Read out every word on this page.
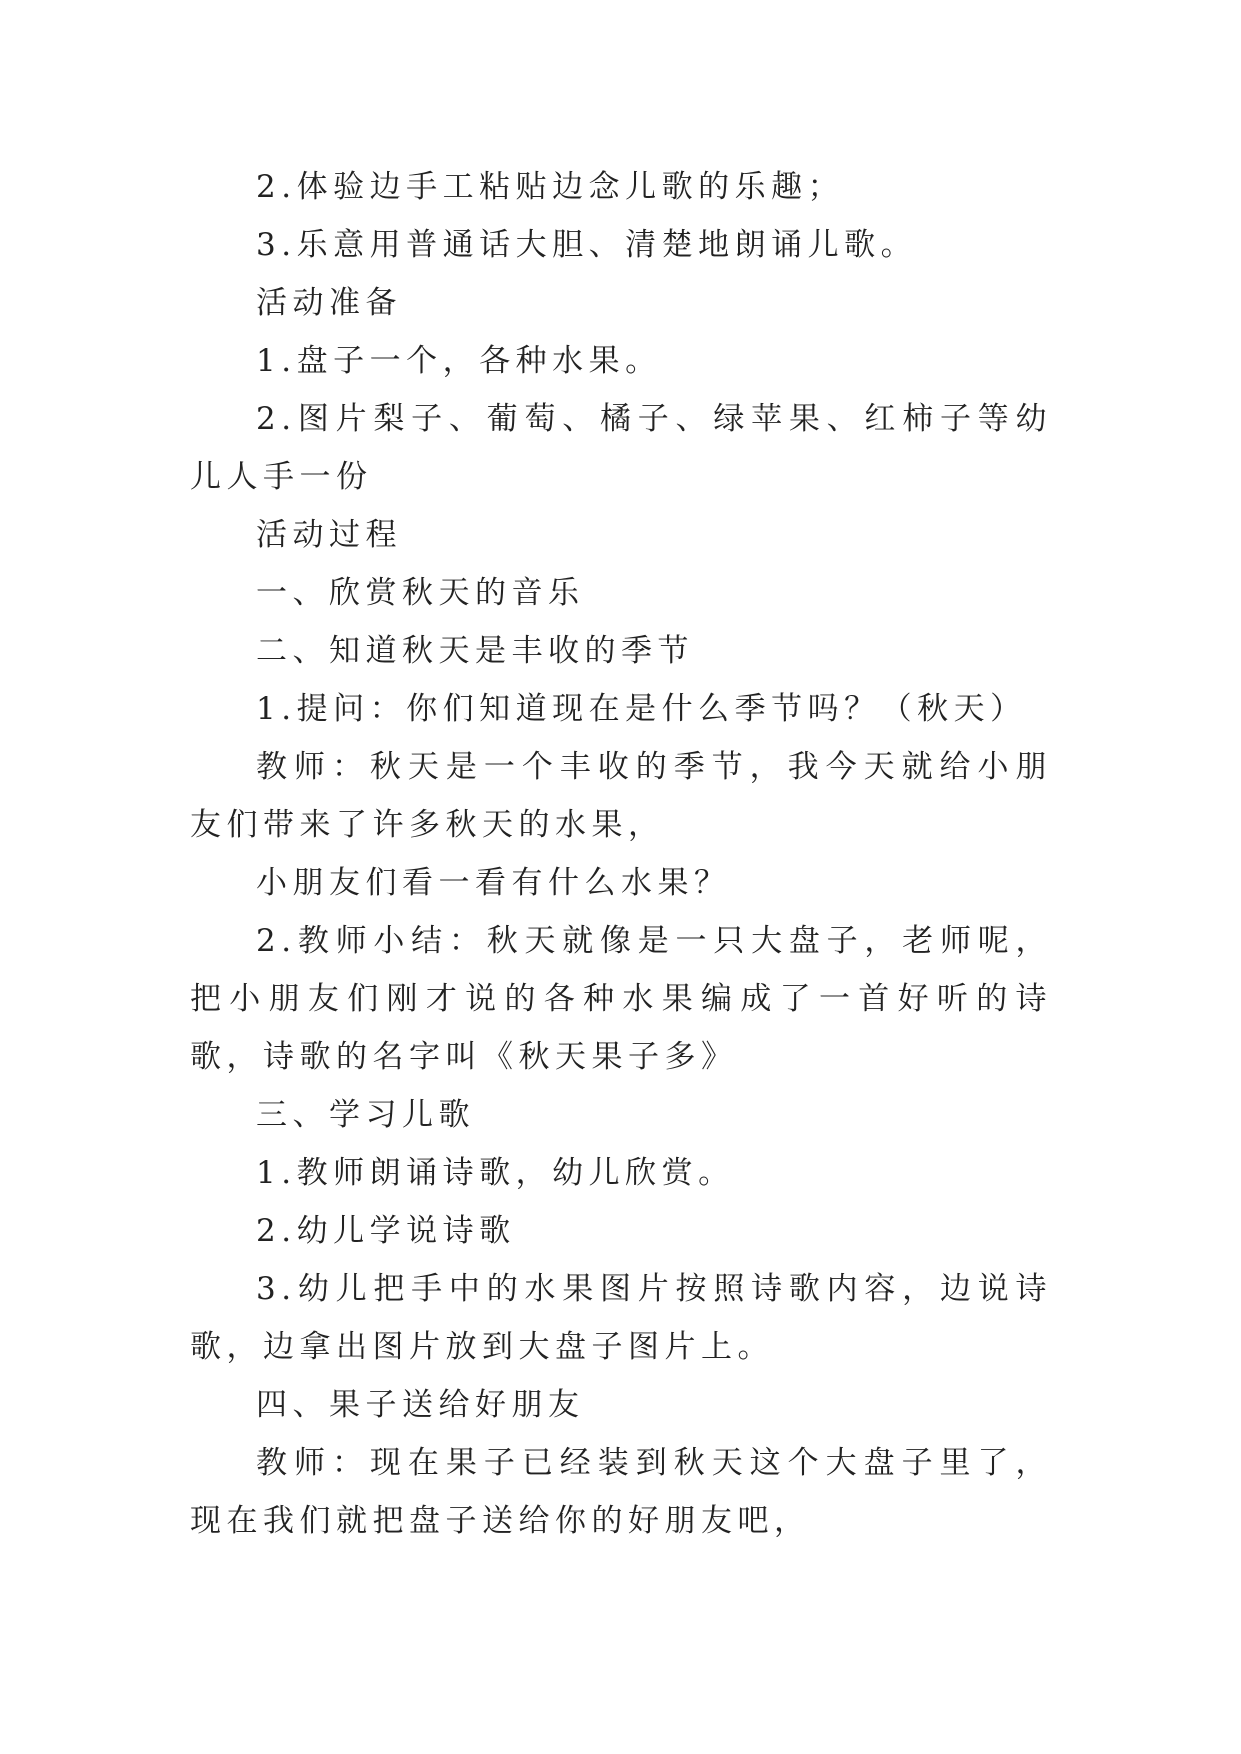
2.体验边手工粘贴边念儿歌的乐趣；

3.乐意用普通话大胆、清楚地朗诵儿歌。

活动准备

1.盘子一个，各种水果。

2.图片梨子、葡萄、橘子、绿苹果、红柿子等幼儿人手一份

活动过程

一、欣赏秋天的音乐

二、知道秋天是丰收的季节

1.提问：你们知道现在是什么季节吗？（秋天）

教师：秋天是一个丰收的季节，我今天就给小朋友们带来了许多秋天的水果，

小朋友们看一看有什么水果？

2.教师小结：秋天就像是一只大盘子，老师呢，把小朋友们刚才说的各种水果编成了一首好听的诗歌，诗歌的名字叫《秋天果子多》

三、学习儿歌

1.教师朗诵诗歌，幼儿欣赏。

2.幼儿学说诗歌

3.幼儿把手中的水果图片按照诗歌内容，边说诗歌，边拿出图片放到大盘子图片上。

四、果子送给好朋友

教师：现在果子已经装到秋天这个大盘子里了，现在我们就把盘子送给你的好朋友吧，
